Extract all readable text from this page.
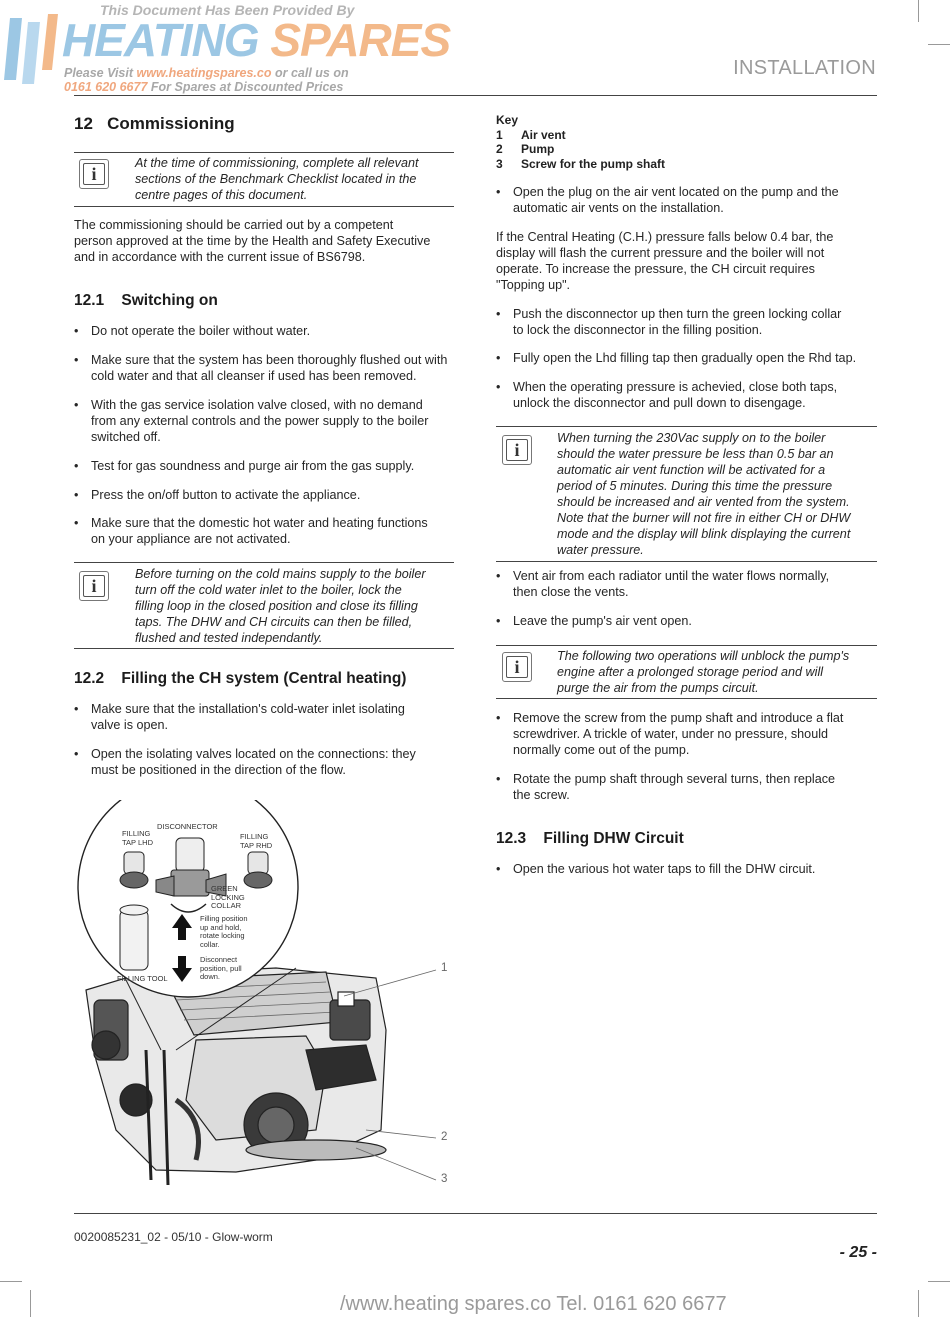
This Document Has Been Provided By
HEATING SPARES
Please Visit www.heatingspares.co or call us on
0161 620 6677 For Spares at Discounted Prices
INSTALLATION
12 Commissioning
i
At the time of commissioning, complete all relevant
sections of the Benchmark Checklist located in the
centre pages of this document.
The commissioning should be carried out by a competent
person approved at the time by the Health and Safety Executive
and in accordance with the current issue of BS6798.
12.1 Switching on
• Do not operate the boiler without water.
• Make sure that the system has been thoroughly flushed out with
cold water and that all cleanser if used has been removed.
• With the gas service isolation valve closed, with no demand
from any external controls and the power supply to the boiler
switched off.
• Test for gas soundness and purge air from the gas supply.
• Press the on/off button to activate the appliance.
• Make sure that the domestic hot water and heating functions
on your appliance are not activated.
i
Before turning on the cold mains supply to the boiler
turn off the cold water inlet to the boiler, lock the
filling loop in the closed position and close its filling
taps. The DHW and CH circuits can then be filled,
flushed and tested independantly.
12.2 Filling the CH system (Central heating)
• Make sure that the installation's cold-water inlet isolating
valve is open.
• Open the isolating valves located on the connections: they
must be positioned in the direction of the flow.
DISCONNECTOR
FILLING
TAP LHD
FILLING
TAP RHD
GREEN
LOCKING
COLLAR
Filling position
up and hold,
rotate locking
collar.
Disconnect
position, pull
down.
FILLING TOOL
1
2
3
Key
1 Air vent
2 Pump
3 Screw for the pump shaft
• Open the plug on the air vent located on the pump and the
automatic air vents on the installation.
If the Central Heating (C.H.) pressure falls below 0.4 bar, the
display will flash the current pressure and the boiler will not
operate. To increase the pressure, the CH circuit requires
"Topping up".
• Push the disconnector up then turn the green locking collar
to lock the disconnector in the filling position.
• Fully open the Lhd filling tap then gradually open the Rhd tap.
• When the operating pressure is achevied, close both taps,
unlock the disconnector and pull down to disengage.
i
When turning the 230Vac supply on to the boiler
should the water pressure be less than 0.5 bar an
automatic air vent function will be activated for a
period of 5 minutes. During this time the pressure
should be increased and air vented from the system.
Note that the burner will not fire in either CH or DHW
mode and the display will blink displaying the current
water pressure.
• Vent air from each radiator until the water flows normally,
then close the vents.
• Leave the pump's air vent open.
i
The following two operations will unblock the pump's
engine after a prolonged storage period and will
purge the air from the pumps circuit.
• Remove the screw from the pump shaft and introduce a flat
screwdriver. A trickle of water, under no pressure, should
normally come out of the pump.
• Rotate the pump shaft through several turns, then replace
the screw.
12.3 Filling DHW Circuit
• Open the various hot water taps to fill the DHW circuit.
0020085231_02 - 05/10 - Glow-worm
- 25 -
/www.heating spares.co Tel. 0161 620 6677
